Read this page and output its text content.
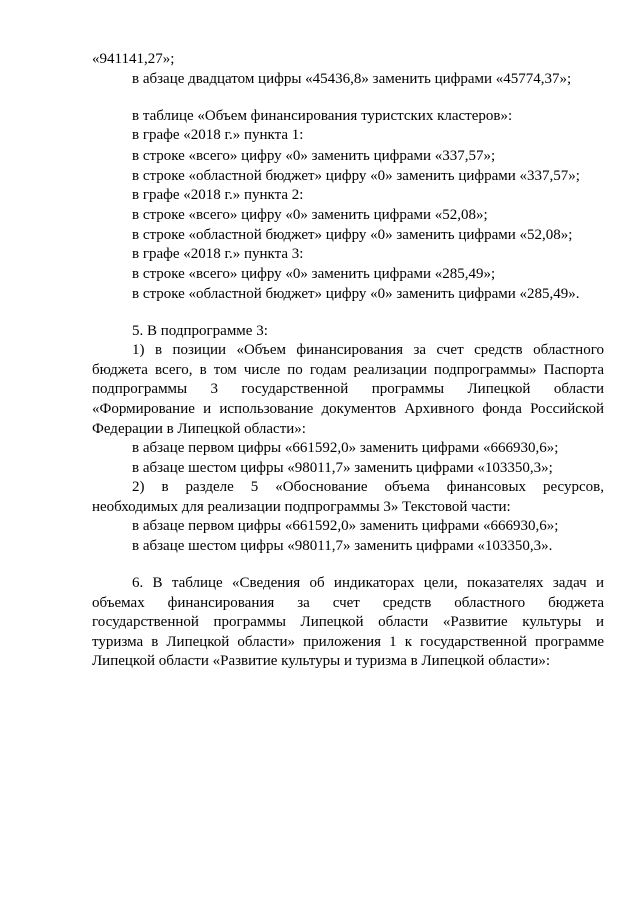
«941141,27»;
в абзаце двадцатом цифры «45436,8» заменить цифрами «45774,37»;
в таблице «Объем финансирования туристских кластеров»:
в графе «2018 г.» пункта 1:
в строке «всего» цифру «0» заменить цифрами «337,57»;
в строке «областной бюджет» цифру «0» заменить цифрами «337,57»;
в графе «2018 г.» пункта 2:
в строке «всего» цифру «0» заменить цифрами «52,08»;
в строке «областной бюджет» цифру «0» заменить цифрами «52,08»;
в графе «2018 г.» пункта 3:
в строке «всего» цифру «0» заменить цифрами «285,49»;
в строке «областной бюджет» цифру «0» заменить цифрами «285,49».
5. В подпрограмме 3:
1) в позиции «Объем финансирования за счет средств областного
бюджета всего, в том числе по годам реализации подпрограммы» Паспорта
подпрограммы 3 государственной программы Липецкой области
«Формирование и использование документов Архивного фонда Российской
Федерации в Липецкой области»:
в абзаце первом цифры «661592,0» заменить цифрами «666930,6»;
в абзаце шестом цифры «98011,7» заменить цифрами «103350,3»;
2) в разделе 5 «Обоснование объема финансовых ресурсов,
необходимых для реализации подпрограммы 3» Текстовой части:
в абзаце первом цифры «661592,0» заменить цифрами «666930,6»;
в абзаце шестом цифры «98011,7» заменить цифрами «103350,3».
6. В таблице «Сведения об индикаторах цели, показателях задач и
объемах финансирования за счет средств областного бюджета
государственной программы Липецкой области «Развитие культуры и
туризма в Липецкой области» приложения 1 к государственной программе
Липецкой области «Развитие культуры и туризма в Липецкой области»:
